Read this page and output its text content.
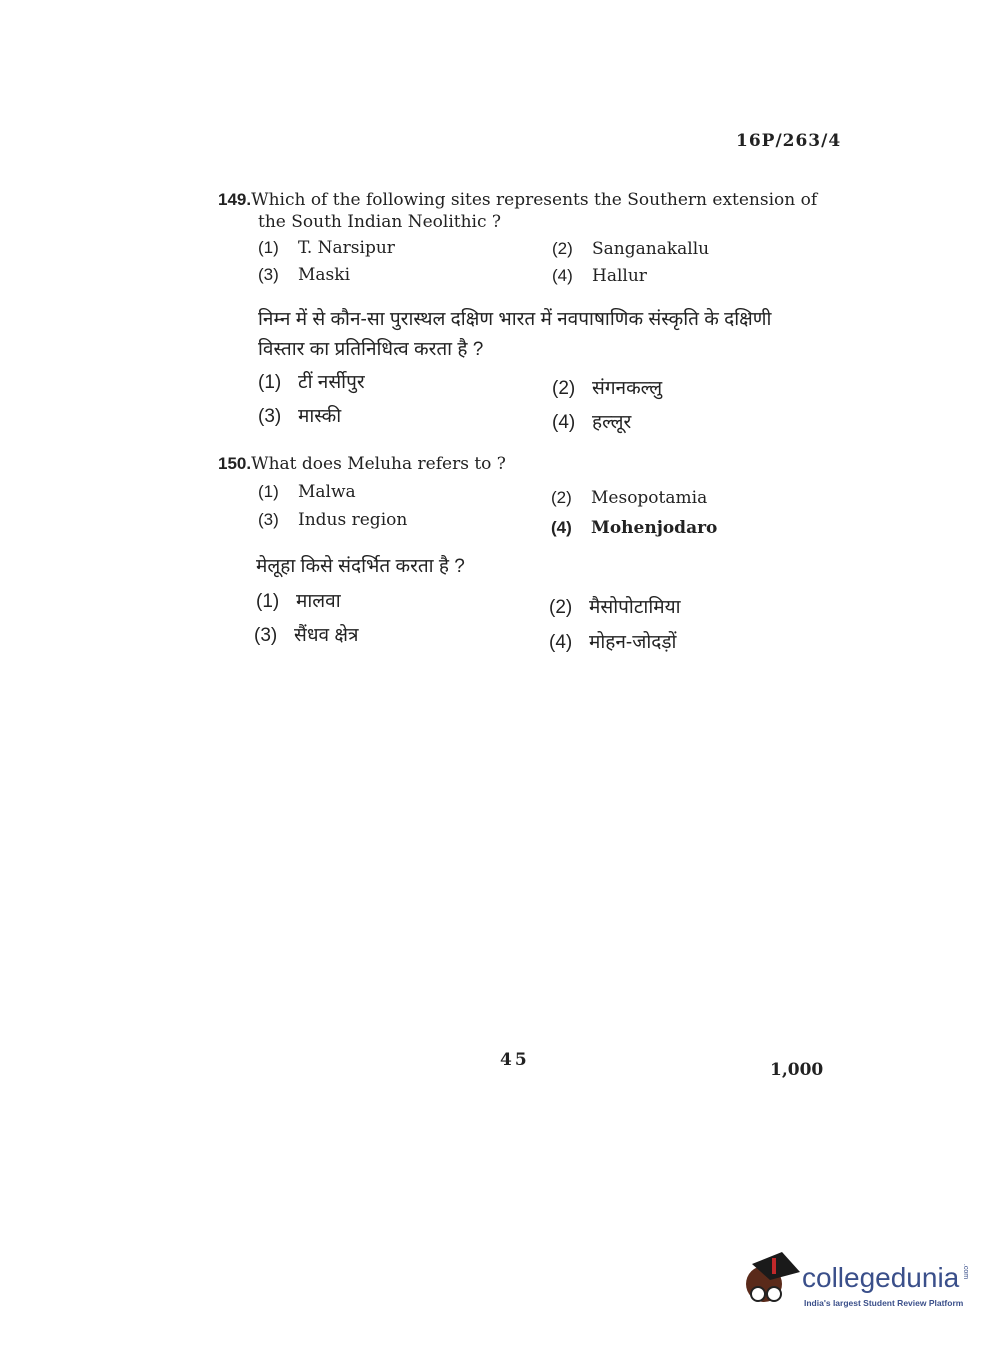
16P/263/4
149.Which of the following sites represents the Southern extension of
the South Indian Neolithic ?
(1) T. Narsipur	(2) Sanganakallu
(3) Maski	(4) Hallur
निम्न में से कौन-सा पुरास्थल दक्षिण भारत में नवपाषाणिक संस्कृति के दक्षिणी
विस्तार का प्रतिनिधित्व करता है ?
(1) टीं नर्सीपुर	(2) संगनकल्लु
(3) मास्की	(4) हल्लूर
150.What does Meluha refers to ?
(1) Malwa	(2) Mesopotamia
(3) Indus region	(4) Mohenjodaro
मेलूहा किसे संदर्भित करता है ?
(1) मालवा	(2) मैसोपोटामिया
(3) सैंधव क्षेत्र	(4) मोहन-जोदड़ों
45	1,000
collegedunia .com
India's largest Student Review Platform
